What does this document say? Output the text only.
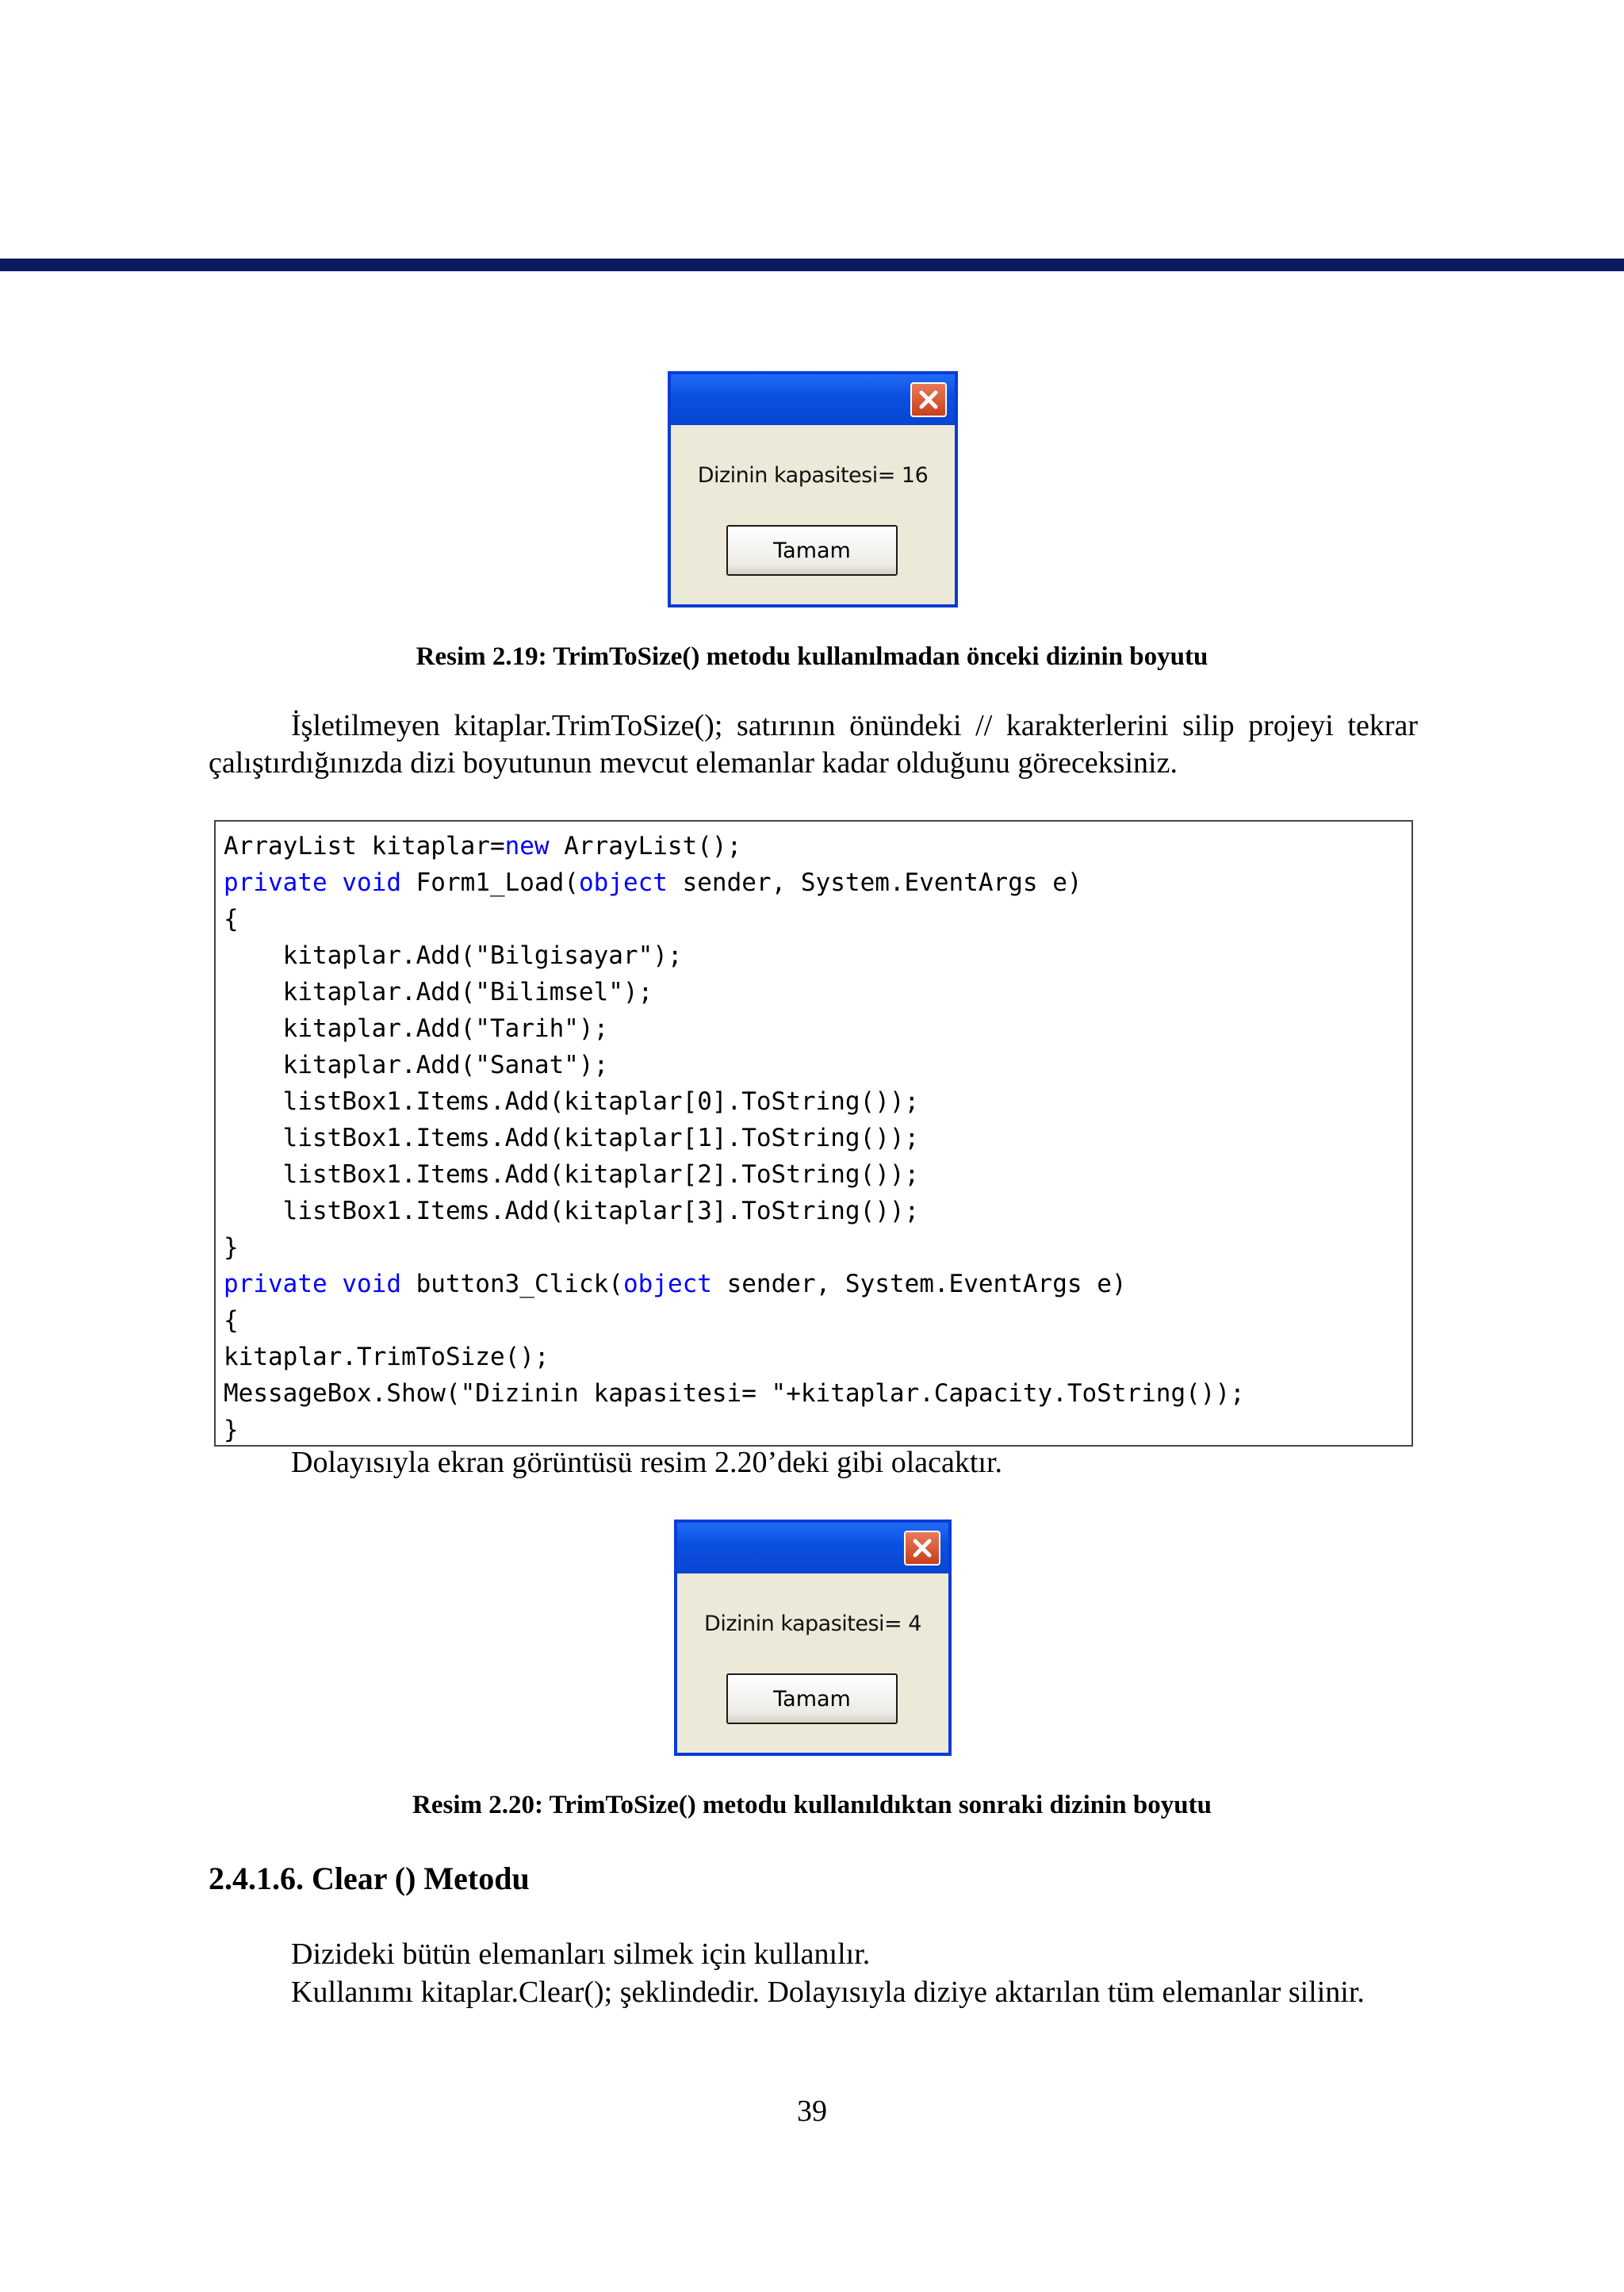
Dizinin kapasitesi= 16
Tamam
Resim 2.19: TrimToSize() metodu kullanılmadan önceki dizinin boyutu
İşletilmeyen kitaplar.TrimToSize(); satırının önündeki // karakterlerini silip projeyi tekrar çalıştırdığınızda dizi boyutunun mevcut elemanlar kadar olduğunu göreceksiniz.
ArrayList kitaplar=new ArrayList();
private void Form1_Load(object sender, System.EventArgs e)
{
kitaplar.Add("Bilgisayar");
kitaplar.Add("Bilimsel");
kitaplar.Add("Tarih");
kitaplar.Add("Sanat");
listBox1.Items.Add(kitaplar[0].ToString());
listBox1.Items.Add(kitaplar[1].ToString());
listBox1.Items.Add(kitaplar[2].ToString());
listBox1.Items.Add(kitaplar[3].ToString());
}
private void button3_Click(object sender, System.EventArgs e)
{
kitaplar.TrimToSize();
MessageBox.Show("Dizinin kapasitesi= "+kitaplar.Capacity.ToString());
}
Dolayısıyla ekran görüntüsü resim 2.20’deki gibi olacaktır.
Dizinin kapasitesi= 4
Tamam
Resim 2.20: TrimToSize() metodu kullanıldıktan sonraki dizinin boyutu
2.4.1.6. Clear () Metodu
Dizideki bütün elemanları silmek için kullanılır.
Kullanımı kitaplar.Clear(); şeklindedir. Dolayısıyla diziye aktarılan tüm elemanlar silinir.
39
